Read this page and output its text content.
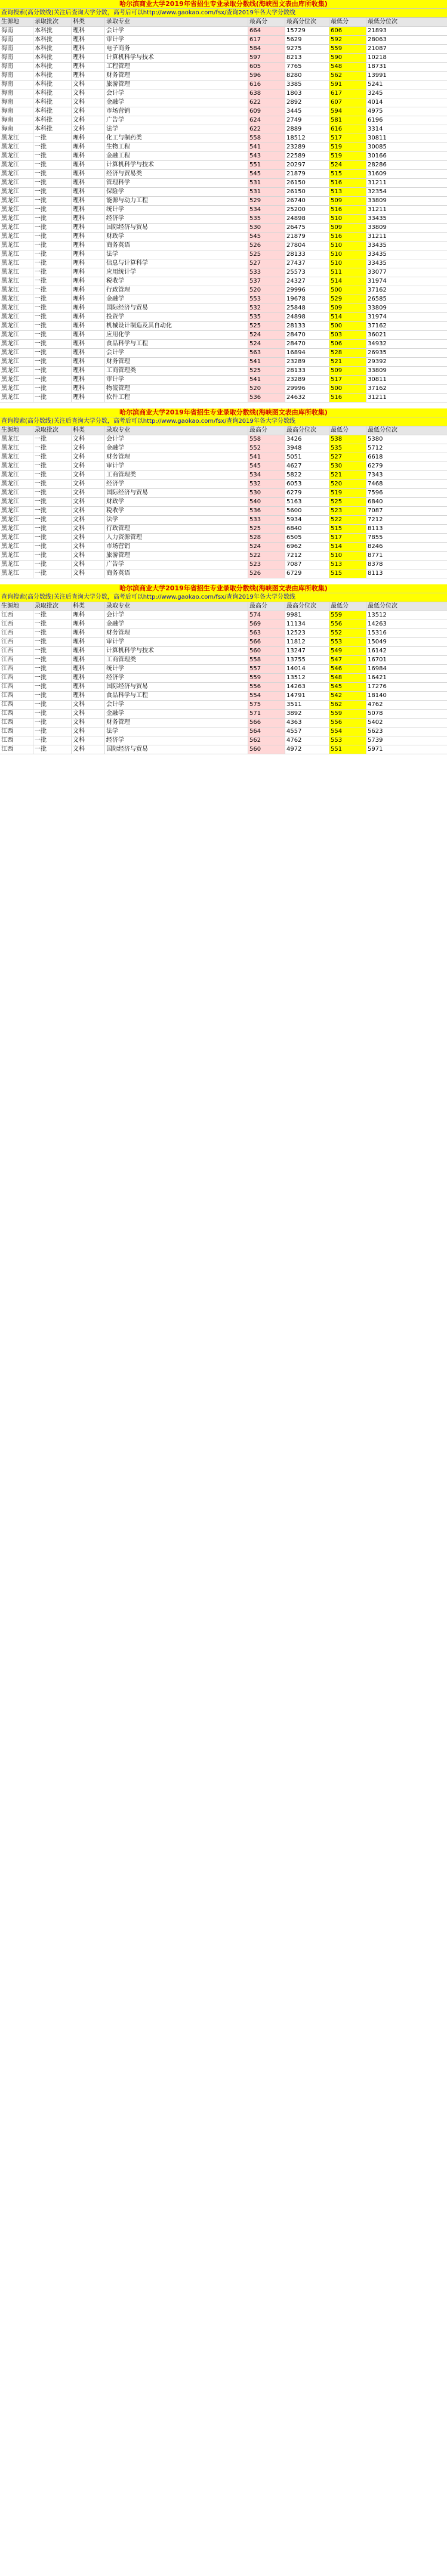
哈尔滨商业大学2019年省招生专业录取分数线(海峡图文表由库所收集)
查询搜索(高分数线)关注后查询大学分数，高考后可以http://www.gaokao.com/fsx/查询2019年各大学分数线
生源地	录取批次	科类	录取专业	最高分	最高分位次	最低分	最低分位次
海南	本科批	理科	会计学	664	15729	606	21893
海南	本科批	理科	审计学	617	5629	592	28063
海南	本科批	理科	电子商务	584	9275	559	21087
海南	本科批	理科	计算机科学与技术	597	8213	590	10218
海南	本科批	理科	工程管理	605	7765	548	18731
海南	本科批	理科	财务管理	596	8280	562	13991
海南	本科批	文科	旅游管理	616	3385	591	5241
海南	本科批	文科	会计学	638	1803	617	3245
海南	本科批	文科	金融学	622	2892	607	4014
海南	本科批	文科	市场营销	609	3445	594	4975
海南	本科批	文科	广告学	624	2749	581	6196
海南	本科批	文科	法学	622	2889	616	3314
黑龙江	一批	理科	化工与制药类	558	18512	517	30811
黑龙江	一批	理科	生物工程	541	23289	519	30085
黑龙江	一批	理科	金融工程	543	22589	519	30166
黑龙江	一批	理科	计算机科学与技术	551	20297	524	28286
黑龙江	一批	理科	经济与贸易类	545	21879	515	31609
黑龙江	一批	理科	管理科学	531	26150	516	31211
黑龙江	一批	理科	保险学	531	26150	513	32354
黑龙江	一批	理科	能源与动力工程	529	26740	509	33809
黑龙江	一批	理科	统计学	534	25200	516	31211
黑龙江	一批	理科	经济学	535	24898	510	33435
黑龙江	一批	理科	国际经济与贸易	530	26475	509	33809
黑龙江	一批	理科	财政学	545	21879	516	31211
黑龙江	一批	理科	商务英语	526	27804	510	33435
黑龙江	一批	理科	法学	525	28133	510	33435
黑龙江	一批	理科	信息与计算科学	527	27437	510	33435
黑龙江	一批	理科	应用统计学	533	25573	511	33077
黑龙江	一批	理科	税收学	537	24327	514	31974
黑龙江	一批	理科	行政管理	520	29996	500	37162
黑龙江	一批	理科	金融学	553	19678	529	26585
黑龙江	一批	理科	国际经济与贸易	532	25848	509	33809
黑龙江	一批	理科	投资学	535	24898	514	31974
黑龙江	一批	理科	机械设计制造及其自动化	525	28133	500	37162
黑龙江	一批	理科	应用化学	524	28470	503	36021
黑龙江	一批	理科	食品科学与工程	524	28470	506	34932
黑龙江	一批	理科	会计学	563	16894	528	26935
黑龙江	一批	理科	财务管理	541	23289	521	29392
黑龙江	一批	理科	工商管理类	525	28133	509	33809
黑龙江	一批	理科	审计学	541	23289	517	30811
黑龙江	一批	理科	物流管理	520	29996	500	37162
黑龙江	一批	理科	软件工程	536	24632	516	31211
哈尔滨商业大学2019年省招生专业录取分数线(海峡图文表由库所收集)
查询搜索(高分数线)关注后查询大学分数，高考后可以http://www.gaokao.com/fsx/查询2019年各大学分数线
生源地	录取批次	科类	录取专业	最高分	最高分位次	最低分	最低分位次
黑龙江	一批	文科	会计学	558	3426	538	5380
黑龙江	一批	文科	金融学	552	3948	535	5712
黑龙江	一批	文科	财务管理	541	5051	527	6618
黑龙江	一批	文科	审计学	545	4627	530	6279
黑龙江	一批	文科	工商管理类	534	5822	521	7343
黑龙江	一批	文科	经济学	532	6053	520	7468
黑龙江	一批	文科	国际经济与贸易	530	6279	519	7596
黑龙江	一批	文科	财政学	540	5163	525	6840
黑龙江	一批	文科	税收学	536	5600	523	7087
黑龙江	一批	文科	法学	533	5934	522	7212
黑龙江	一批	文科	行政管理	525	6840	515	8113
黑龙江	一批	文科	人力资源管理	528	6505	517	7855
黑龙江	一批	文科	市场营销	524	6962	514	8246
黑龙江	一批	文科	旅游管理	522	7212	510	8771
黑龙江	一批	文科	广告学	523	7087	513	8378
黑龙江	一批	文科	商务英语	526	6729	515	8113
哈尔滨商业大学2019年省招生专业录取分数线(海峡图文表由库所收集)
查询搜索(高分数线)关注后查询大学分数，高考后可以http://www.gaokao.com/fsx/查询2019年各大学分数线
生源地	录取批次	科类	录取专业	最高分	最高分位次	最低分	最低分位次
江西	一批	理科	会计学	574	9981	559	13512
江西	一批	理科	金融学	569	11134	556	14263
江西	一批	理科	财务管理	563	12523	552	15316
江西	一批	理科	审计学	566	11812	553	15049
江西	一批	理科	计算机科学与技术	560	13247	549	16142
江西	一批	理科	工商管理类	558	13755	547	16701
江西	一批	理科	统计学	557	14014	546	16984
江西	一批	理科	经济学	559	13512	548	16421
江西	一批	理科	国际经济与贸易	556	14263	545	17276
江西	一批	理科	食品科学与工程	554	14791	542	18140
江西	一批	文科	会计学	575	3511	562	4762
江西	一批	文科	金融学	571	3892	559	5078
江西	一批	文科	财务管理	566	4363	556	5402
江西	一批	文科	法学	564	4557	554	5623
江西	一批	文科	经济学	562	4762	553	5739
江西	一批	文科	国际经济与贸易	560	4972	551	5971
